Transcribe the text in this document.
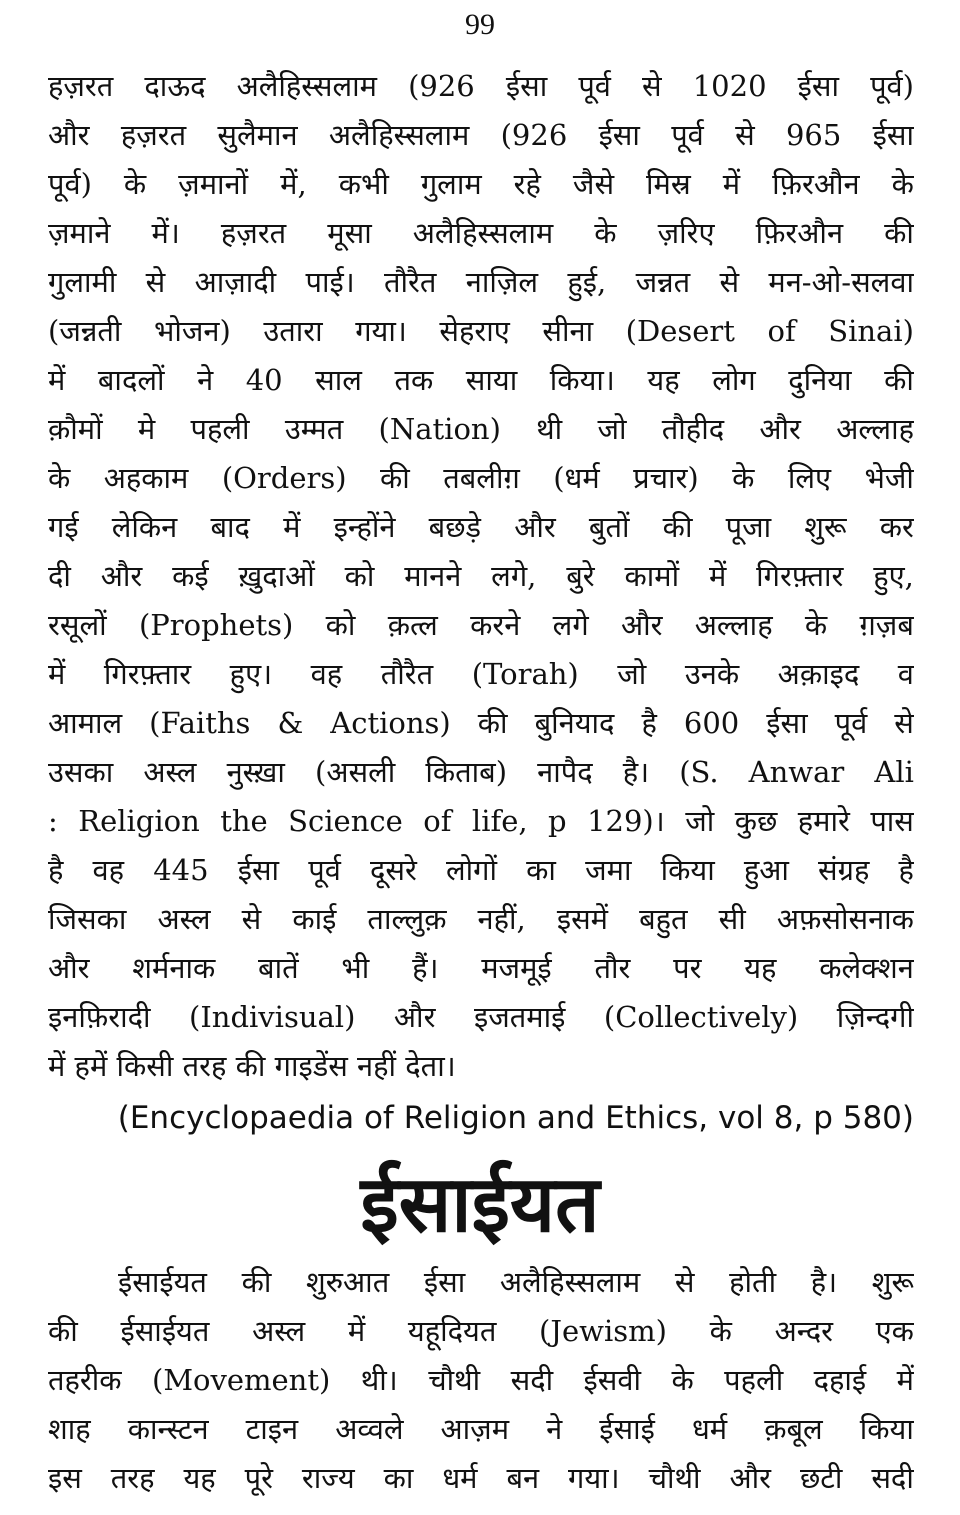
99
हज़रत दाऊद अलैहिस्सलाम (926 ईसा पूर्व से 1020 ईसा पूर्व)
और हज़रत सुलैमान अलैहिस्सलाम (926 ईसा पूर्व से 965 ईसा
पूर्व) के ज़मानों में, कभी गुलाम रहे जैसे मिस्र में फ़िरऔन के
ज़माने में। हज़रत मूसा अलैहिस्सलाम के ज़रिए फ़िरऔन की
गुलामी से आज़ादी पाई। तौरैत नाज़िल हुई, जन्नत से मन-ओ-सलवा
(जन्नती भोजन) उतारा गया। सेहराए सीना (Desert of Sinai)
में बादलों ने 40 साल तक साया किया। यह लोग दुनिया की
क़ौमों मे पहली उम्मत (Nation) थी जो तौहीद और अल्लाह
के अहकाम (Orders) की तबलीग़ (धर्म प्रचार) के लिए भेजी
गई लेकिन बाद में इन्होंने बछड़े और बुतों की पूजा शुरू कर
दी और कई ख़ुदाओं को मानने लगे, बुरे कामों में गिरफ़्तार हुए,
रसूलों (Prophets) को क़त्ल करने लगे और अल्लाह के ग़ज़ब
में गिरफ़्तार हुए। वह तौरैत (Torah) जो उनके अक़ाइद व
आमाल (Faiths & Actions) की बुनियाद है 600 ईसा पूर्व से
उसका अस्ल नुस्ख़ा (असली किताब) नापैद है। (S. Anwar Ali
: Religion the Science of life, p 129)। जो कुछ हमारे पास
है वह 445 ईसा पूर्व दूसरे लोगों का जमा किया हुआ संग्रह है
जिसका अस्ल से काई ताल्लुक़ नहीं, इसमें बहुत सी अफ़सोसनाक
और शर्मनाक बातें भी हैं। मजमूई तौर पर यह कलेक्शन
इनफ़िरादी (Indivisual) और इजतमाई (Collectively) ज़िन्दगी
में हमें किसी तरह की गाइडेंस नहीं देता।
(Encyclopaedia of Religion and Ethics, vol 8, p 580)
ईसाईयत
ईसाईयत की शुरुआत ईसा अलैहिस्सलाम से होती है। शुरू
की ईसाईयत अस्ल में यहूदियत (Jewism) के अन्दर एक
तहरीक (Movement) थी। चौथी सदी ईसवी के पहली दहाई में
शाह कान्स्टन टाइन अव्वले आज़म ने ईसाई धर्म क़बूल किया
इस तरह यह पूरे राज्य का धर्म बन गया। चौथी और छटी सदी
